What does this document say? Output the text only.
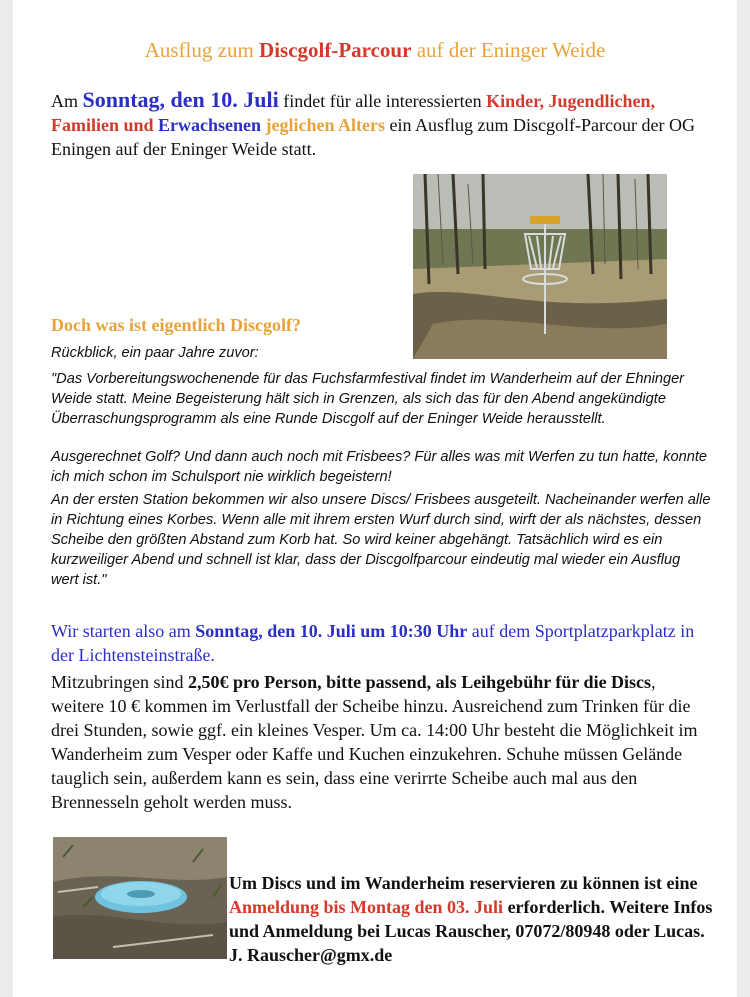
Ausflug zum Discgolf-Parcour auf der Eninger Weide
Am Sonntag, den 10. Juli findet für alle interessierten Kinder, Jugendlichen, Familien und Erwachsenen jeglichen Alters ein Ausflug zum Discgolf-Parcour der OG Eningen auf der Eninger Weide statt.
Doch was ist eigentlich Discgolf?

Rückblick, ein paar Jahre zuvor:

"Das Vorbereitungswochenende für das Fuchsfarmfestival findet im Wanderheim auf der Ehninger Weide statt. Meine Begeisterung hält sich in Grenzen, als sich das für den Abend angekündigte Überraschungsprogramm als eine Runde Discgolf auf der Eninger Weide herausstellt.

Ausgerechnet Golf? Und dann auch noch mit Frisbees? Für alles was mit Werfen zu tun hatte, konnte ich mich schon im Schulsport nie wirklich begeistern!

An der ersten Station bekommen wir also unsere Discs/ Frisbees ausgeteilt. Nacheinander werfen alle in Richtung eines Korbes. Wenn alle mit ihrem ersten Wurf durch sind, wirft der als nächstes, dessen Scheibe den größten Abstand zum Korb hat. So wird keiner abgehängt. Tatsächlich wird es ein kurzweiliger Abend und schnell ist klar, dass der Discgolfparcour eindeutig mal wieder ein Ausflug wert ist."

Wir starten also am Sonntag, den 10. Juli um 10:30 Uhr auf dem Sportplatzparkplatz in der Lichtensteinstraße.
Mitzubringen sind 2,50€ pro Person, bitte passend, als Leihgebühr für die Discs, weitere 10 € kommen im Verlustfall der Scheibe hinzu. Ausreichend zum Trinken für die drei Stunden, sowie ggf. ein kleines Vesper. Um ca. 14:00 Uhr besteht die Möglichkeit im Wanderheim zum Vesper oder Kaffe und Kuchen einzukehren. Schuhe müssen Gelände tauglich sein, außerdem kann es sein, dass eine verirrte Scheibe auch mal aus den Brennesseln geholt werden muss.
Um Discs und im Wanderheim reservieren zu können ist eine Anmeldung bis Montag den 03. Juli erforderlich. Weitere Infos und Anmeldung bei Lucas Rauscher, 07072/80948 oder Lucas. J. Rauscher@gmx.de
